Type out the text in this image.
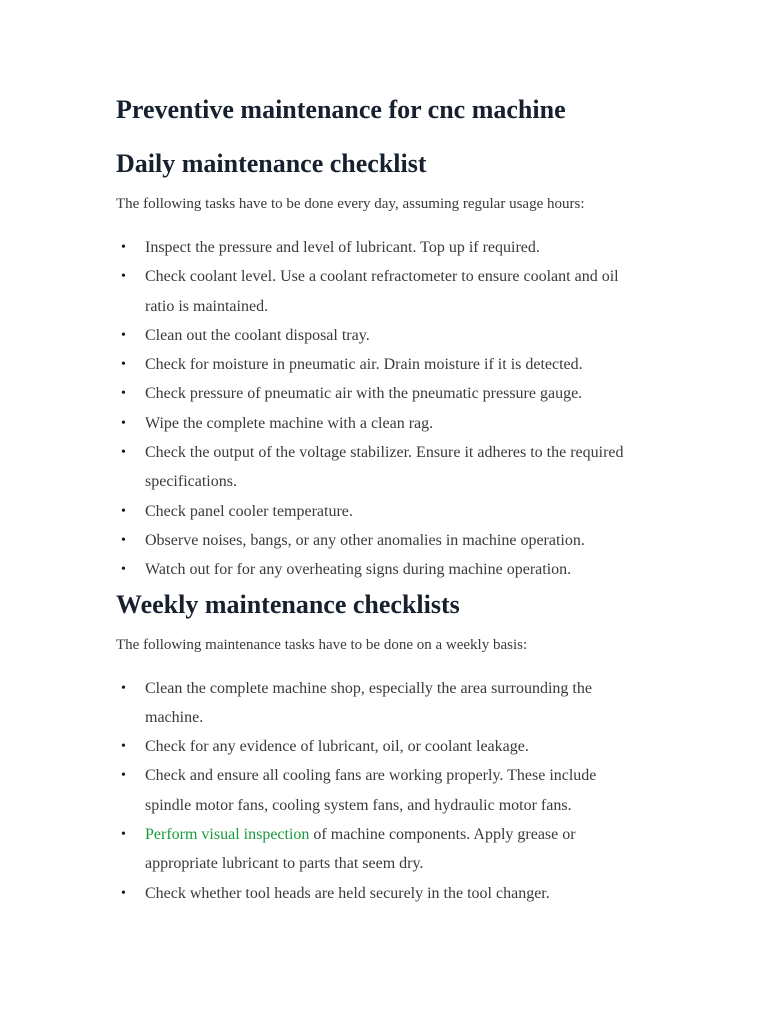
Preventive maintenance for cnc machine
Daily maintenance checklist

The following tasks have to be done every day, assuming regular usage hours:

• Inspect the pressure and level of lubricant. Top up if required.
• Check coolant level. Use a coolant refractometer to ensure coolant and oil ratio is maintained.
• Clean out the coolant disposal tray.
• Check for moisture in pneumatic air. Drain moisture if it is detected.
• Check pressure of pneumatic air with the pneumatic pressure gauge.
• Wipe the complete machine with a clean rag.
• Check the output of the voltage stabilizer. Ensure it adheres to the required specifications.
• Check panel cooler temperature.
• Observe noises, bangs, or any other anomalies in machine operation.
• Watch out for for any overheating signs during machine operation.
Weekly maintenance checklists

The following maintenance tasks have to be done on a weekly basis:

• Clean the complete machine shop, especially the area surrounding the machine.
• Check for any evidence of lubricant, oil, or coolant leakage.
• Check and ensure all cooling fans are working properly. These include spindle motor fans, cooling system fans, and hydraulic motor fans.
• Perform visual inspection of machine components. Apply grease or appropriate lubricant to parts that seem dry.
• Check whether tool heads are held securely in the tool changer.
